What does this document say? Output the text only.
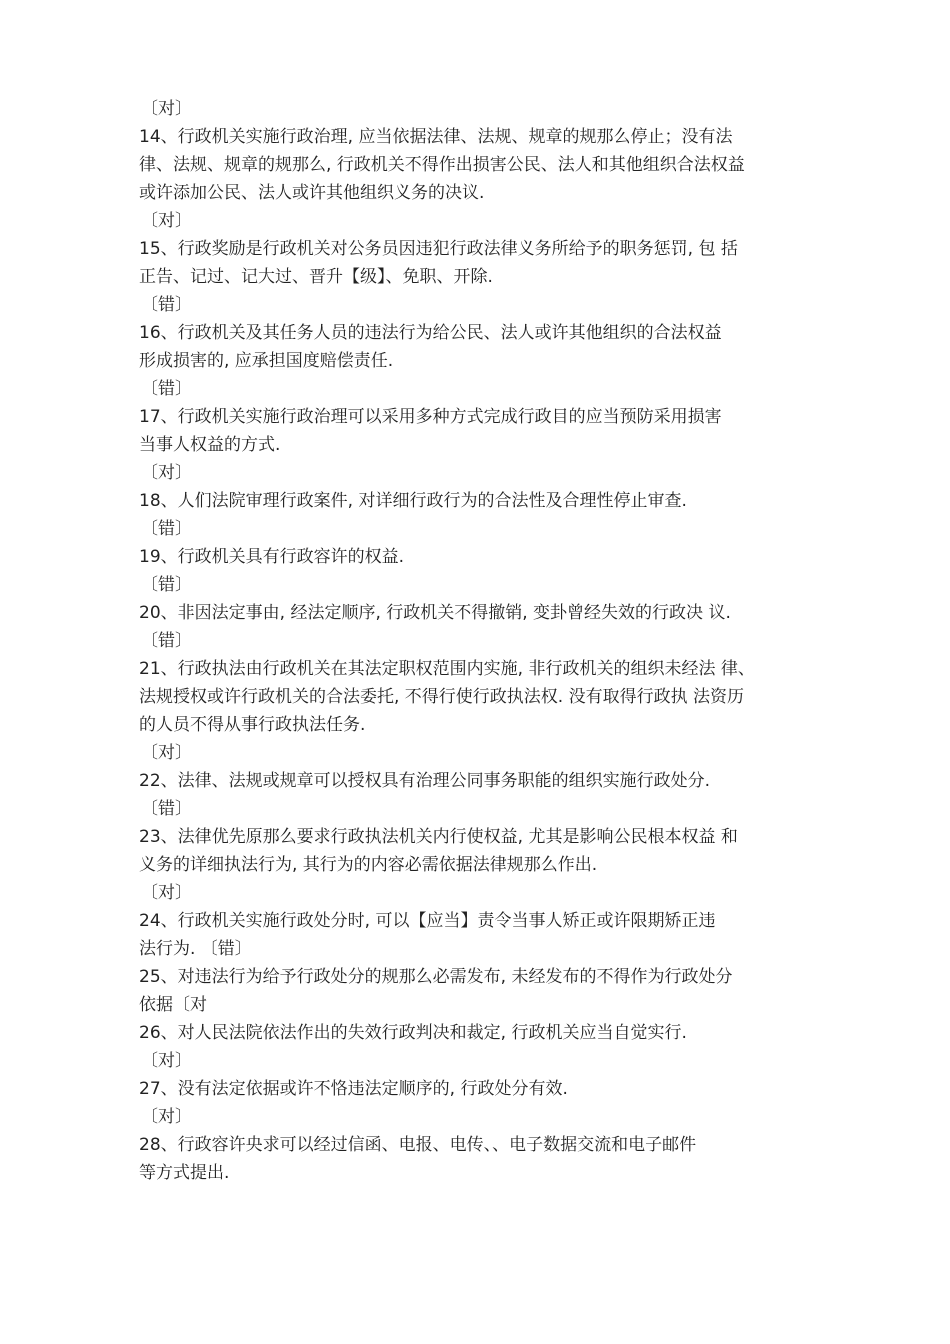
〔对〕
14、行政机关实施行政治理, 应当依据法律、法规、规章的规那么停止；没有法
律、法规、规章的规那么, 行政机关不得作出损害公民、法人和其他组织合法权益
或许添加公民、法人或许其他组织义务的决议.
〔对〕
15、行政奖励是行政机关对公务员因违犯行政法律义务所给予的职务惩罚, 包 括
正告、记过、记大过、晋升【级】、免职、开除.
〔错〕
16、行政机关及其任务人员的违法行为给公民、法人或许其他组织的合法权益
形成损害的, 应承担国度赔偿责任.
〔错〕
17、行政机关实施行政治理可以采用多种方式完成行政目的应当预防采用损害
当事人权益的方式.
〔对〕
18、人们法院审理行政案件, 对详细行政行为的合法性及合理性停止审查.
〔错〕
19、行政机关具有行政容许的权益.
〔错〕
20、非因法定事由, 经法定顺序, 行政机关不得撤销, 变卦曾经失效的行政决 议.
〔错〕
21、行政执法由行政机关在其法定职权范围内实施, 非行政机关的组织未经法 律、
法规授权或许行政机关的合法委托, 不得行使行政执法权. 没有取得行政执 法资历
的人员不得从事行政执法任务.
〔对〕
22、法律、法规或规章可以授权具有治理公同事务职能的组织实施行政处分.
〔错〕
23、法律优先原那么要求行政执法机关内行使权益, 尤其是影响公民根本权益 和
义务的详细执法行为, 其行为的内容必需依据法律规那么作出.
〔对〕
24、行政机关实施行政处分时, 可以【应当】责令当事人矫正或许限期矫正违
法行为. 〔错〕
25、对违法行为给予行政处分的规那么必需发布, 未经发布的不得作为行政处分
依据〔对
26、对人民法院依法作出的失效行政判决和裁定, 行政机关应当自觉实行.
〔对〕
27、没有法定依据或许不恪违法定顺序的, 行政处分有效.
〔对〕
28、行政容许央求可以经过信函、电报、电传、、电子数据交流和电子邮件
等方式提出.
